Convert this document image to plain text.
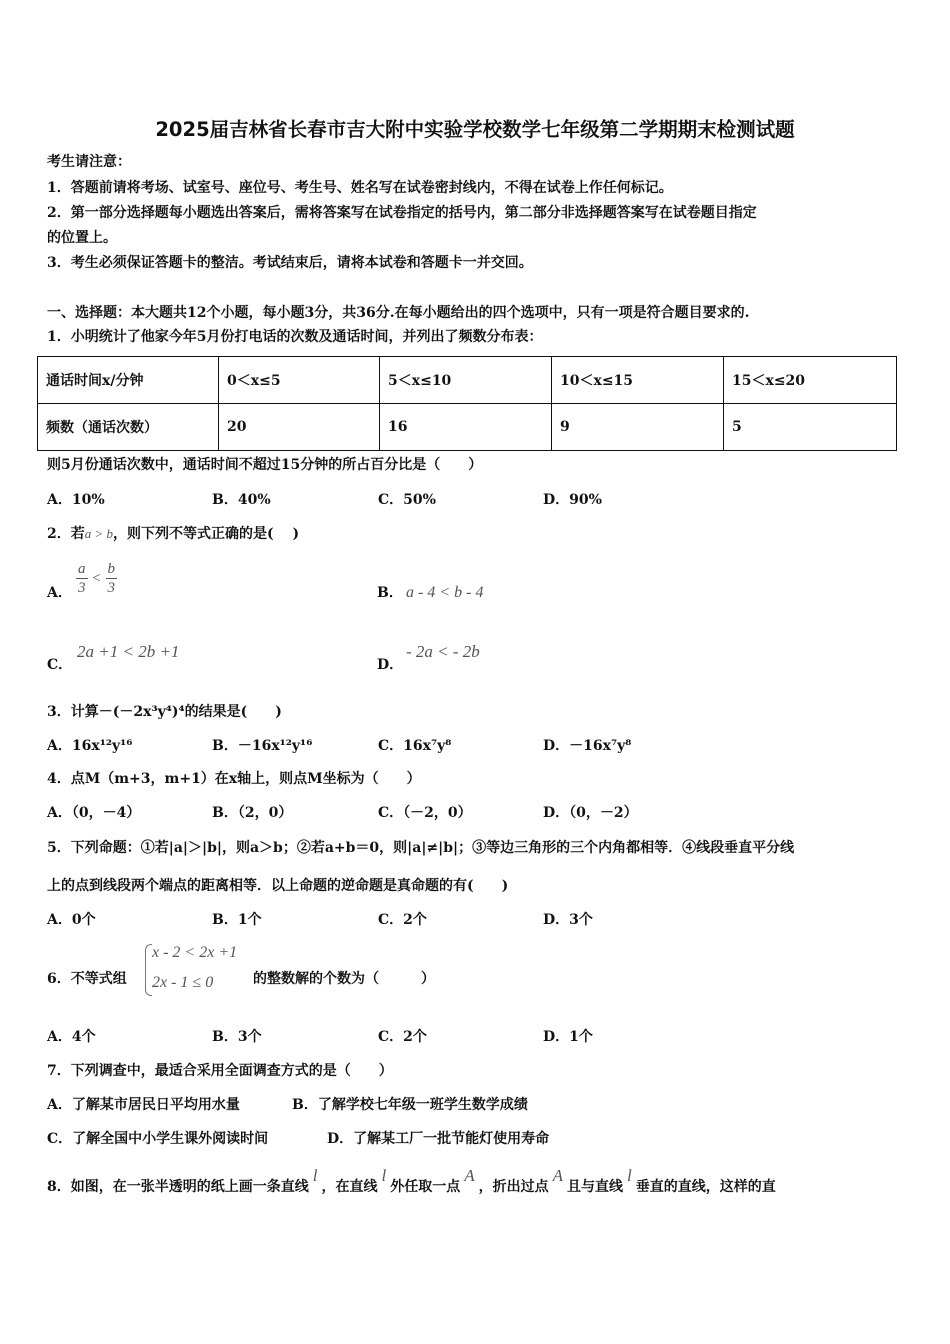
2025届吉林省长春市吉大附中实验学校数学七年级第二学期期末检测试题
考生请注意：
1．答题前请将考场、试室号、座位号、考生号、姓名写在试卷密封线内，不得在试卷上作任何标记。
2．第一部分选择题每小题选出答案后，需将答案写在试卷指定的括号内，第二部分非选择题答案写在试卷题目指定
的位置上。
3．考生必须保证答题卡的整洁。考试结束后，请将本试卷和答题卡一并交回。
一、选择题：本大题共12个小题，每小题3分，共36分.在每小题给出的四个选项中，只有一项是符合题目要求的.
1．小明统计了他家今年5月份打电话的次数及通话时间，并列出了频数分布表：
通话时间x/分钟	0＜x≤5	5＜x≤10	10＜x≤15	15＜x≤20
频数（通话次数）	20	16	9	5
则5月份通话次数中，通话时间不超过15分钟的所占百分比是（　　）
A．10%	B．40%	C．50%	D．90%
2．若a > b，则下列不等式正确的是(　 )
A． $\frac{a}{3} < \frac{b}{3}$	B． a - 4 < b - 4
C．
2a +1 < 2b +1
D．
- 2a < - 2b
3．计算－(－2x³y⁴)⁴的结果是(　　)
A．16x¹²y¹⁶	B．－16x¹²y¹⁶	C．16x⁷y⁸	D．－16x⁷y⁸
4．点M（m+3，m+1）在x轴上，则点M坐标为（　　）
A．（0，－4）	B．（2，0）	C．（－2，0）	D．（0，－2）
5．下列命题：①若|a|＞|b|，则a＞b；②若a+b＝0，则|a|≠|b|；③等边三角形的三个内角都相等．④线段垂直平分线
上的点到线段两个端点的距离相等．以上命题的逆命题是真命题的有(　　)
A．0个	B．1个	C．2个	D．3个
6．不等式组
x - 2 < 2x +1
2x - 1 ≤ 0	的整数解的个数为（　　　）
A．4个	B．3个	C．2个	D．1个
7．下列调查中，最适合采用全面调查方式的是（　　）
A．了解某市居民日平均用水量	B．了解学校七年级一班学生数学成绩
C．了解全国中小学生课外阅读时间	D．了解某工厂一批节能灯使用寿命
8．如图，在一张半透明的纸上画一条直线l，在直线l外任取一点A，折出过点A且与直线l垂直的直线，这样的直
